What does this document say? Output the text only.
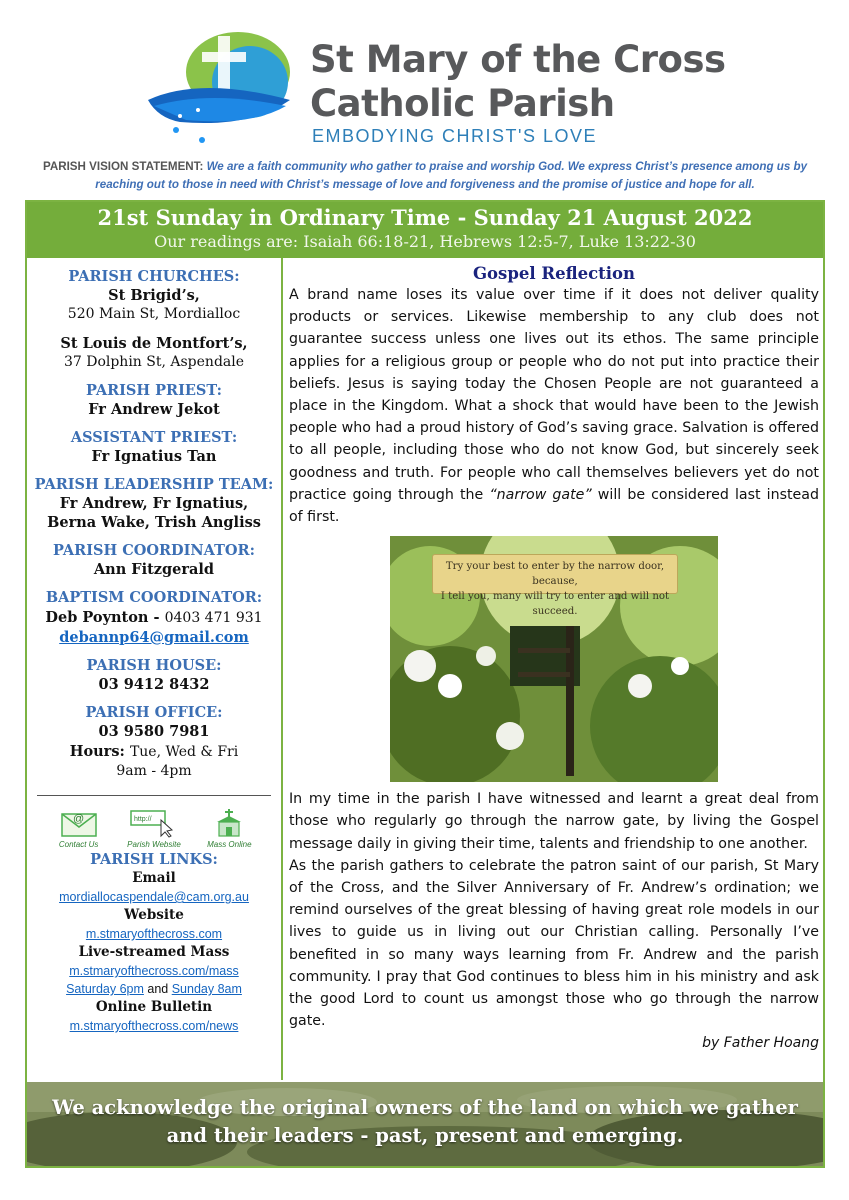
St Mary of the Cross
Catholic Parish
EMBODYING CHRIST'S LOVE
PARISH VISION STATEMENT: We are a faith community who gather to praise and worship God. We express Christ’s presence among us by reaching out to those in need with Christ’s message of love and forgiveness and the promise of justice and hope for all.
21st Sunday in Ordinary Time - Sunday 21 August 2022
Our readings are: Isaiah 66:18-21, Hebrews 12:5-7, Luke 13:22-30
PARISH CHURCHES:
St Brigid’s,
520 Main St, Mordialloc
St Louis de Montfort’s,
37 Dolphin St, Aspendale
PARISH PRIEST:
Fr Andrew Jekot
ASSISTANT PRIEST:
Fr Ignatius Tan
PARISH LEADERSHIP TEAM:
Fr Andrew, Fr Ignatius,
Berna Wake, Trish Angliss
PARISH COORDINATOR:
Ann Fitzgerald
BAPTISM COORDINATOR:
Deb Poynton - 0403 471 931
debannp64@gmail.com
PARISH HOUSE:
03 9412 8432
PARISH OFFICE:
03 9580 7981
Hours: Tue, Wed & Fri
9am - 4pm
@
Contact Us
http://
Parish Website	Mass Online
PARISH LINKS:
Email
mordiallocaspendale@cam.org.au
Website
m.stmaryofthecross.com
Live-streamed Mass
m.stmaryofthecross.com/mass
Saturday 6pm and Sunday 8am
Online Bulletin
m.stmaryofthecross.com/news
Gospel Reflection

A brand name loses its value over time if it does not deliver quality products or services. Likewise membership to any club does not guarantee success unless one lives out its ethos. The same principle applies for a religious group or people who do not put into practice their beliefs. Jesus is saying today the Chosen People are not guaranteed a place in the Kingdom. What a shock that would have been to the Jewish people who had a proud history of God’s saving grace. Salvation is offered to all people, including those who do not know God, but sincerely seek goodness and truth. For people who call themselves believers yet do not practice going through the “narrow gate” will be considered last instead of first.

Try your best to enter by the narrow door, because,
I tell you, many will try to enter and will not succeed.

In my time in the parish I have witnessed and learnt a great deal from those who regularly go through the narrow gate, by living the Gospel message daily in giving their time, talents and friendship to one another.

As the parish gathers to celebrate the patron saint of our parish, St Mary of the Cross, and the Silver Anniversary of Fr. Andrew’s ordination; we remind ourselves of the great blessing of having great role models in our lives to guide us in living out our Christian calling. Personally I’ve benefited in so many ways learning from Fr. Andrew and the parish community. I pray that God continues to bless him in his ministry and ask the good Lord to count us amongst those who go through the narrow gate.

by Father Hoang
We acknowledge the original owners of the land on which we gather
and their leaders - past, present and emerging.
